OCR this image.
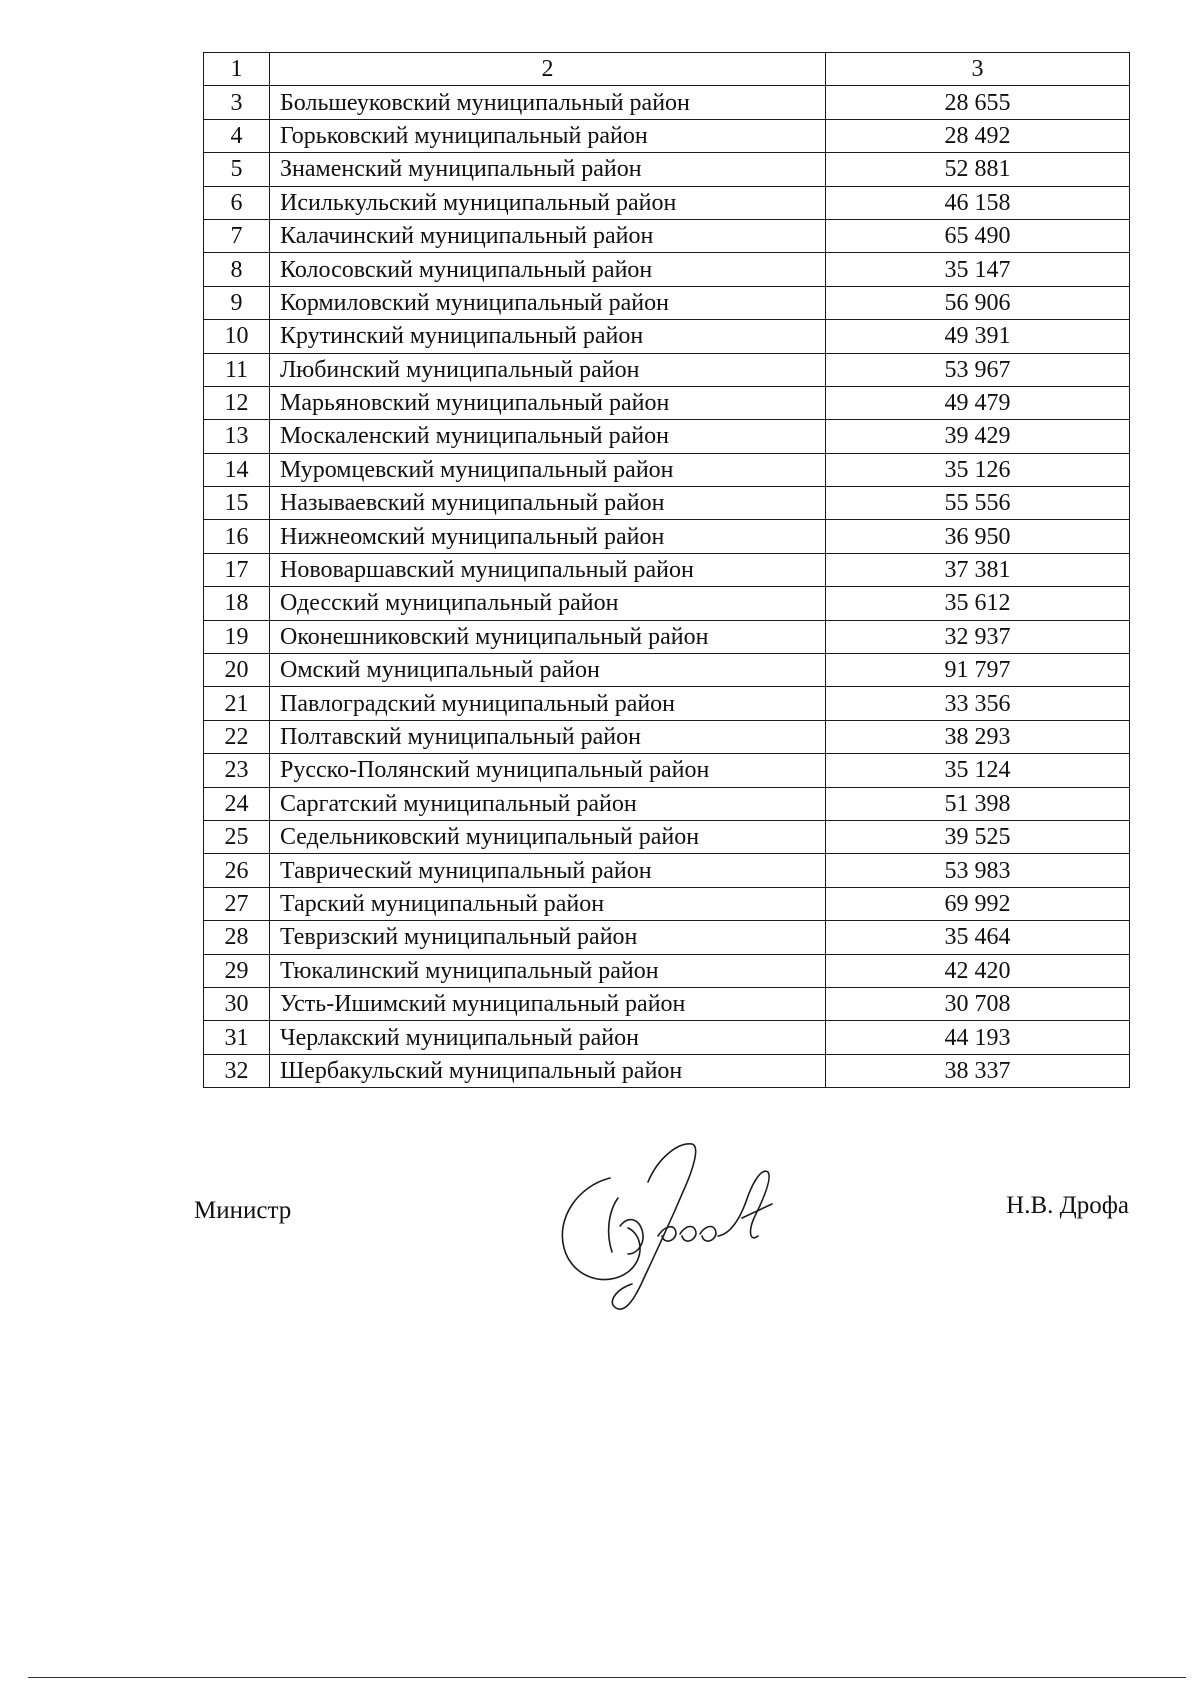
1	2	3
3	Большеуковский муниципальный район	28 655
4	Горьковский муниципальный район	28 492
5	Знаменский муниципальный район	52 881
6	Исилькульский муниципальный район	46 158
7	Калачинский муниципальный район	65 490
8	Колосовский муниципальный район	35 147
9	Кормиловский муниципальный район	56 906
10	Крутинский муниципальный район	49 391
11	Любинский муниципальный район	53 967
12	Марьяновский муниципальный район	49 479
13	Москаленский муниципальный район	39 429
14	Муромцевский муниципальный район	35 126
15	Называевский муниципальный район	55 556
16	Нижнеомский муниципальный район	36 950
17	Нововаршавский муниципальный район	37 381
18	Одесский муниципальный район	35 612
19	Оконешниковский муниципальный район	32 937
20	Омский муниципальный район	91 797
21	Павлоградский муниципальный район	33 356
22	Полтавский муниципальный район	38 293
23	Русско-Полянский муниципальный район	35 124
24	Саргатский муниципальный район	51 398
25	Седельниковский муниципальный район	39 525
26	Таврический муниципальный район	53 983
27	Тарский муниципальный район	69 992
28	Тевризский муниципальный район	35 464
29	Тюкалинский муниципальный район	42 420
30	Усть-Ишимский муниципальный район	30 708
31	Черлакский муниципальный район	44 193
32	Шербакульский муниципальный район	38 337
Министр	Н.В. Дрофа
